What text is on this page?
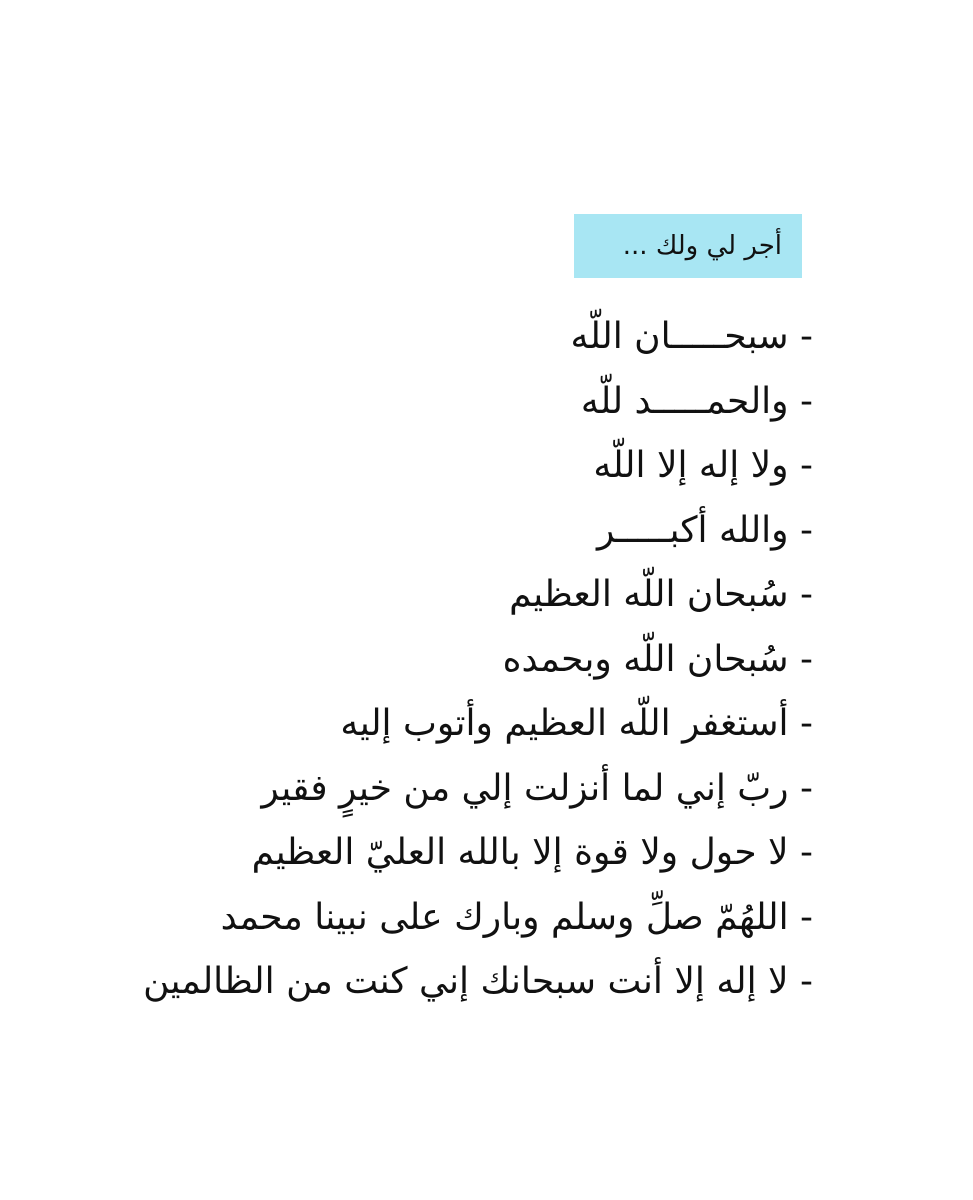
أجر لي ولك ...
- سبحـــــان اللّه
- والحمـــــد للّه
- ولا إله إلا اللّه
- والله أكبـــــر
- سُبحان اللّه العظيم
- سُبحان اللّه وبحمده
- أستغفر اللّه العظيم وأتوب إليه
- ربّ إني لما أنزلت إلي من خيرٍ فقير
- لا حول ولا قوة إلا بالله العليّ العظيم
- اللهُمّ صلِّ وسلم وبارك على نبينا محمد
- لا إله إلا أنت سبحانك إني كنت من الظالمين
